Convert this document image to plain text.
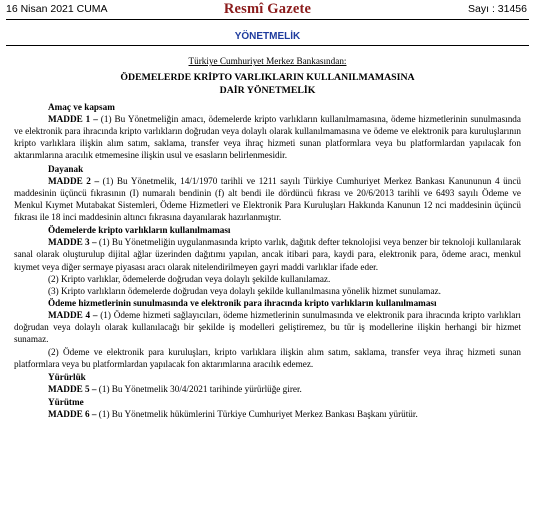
16 Nisan 2021 CUMA	Resmî Gazete	Sayı : 31456
YÖNETMELİK
Türkiye Cumhuriyet Merkez Bankasından:
ÖDEMELERDE KRİPTO VARLIKLARIN KULLANILMAMASINA
DAİR YÖNETMELİK
Amaç ve kapsam

MADDE 1 – (1) Bu Yönetmeliğin amacı, ödemelerde kripto varlıkların kullanılmamasına, ödeme hizmetlerinin sunulmasında ve elektronik para ihracında kripto varlıkların doğrudan veya dolaylı olarak kullanılmamasına ve ödeme ve elektronik para kuruluşlarının kripto varlıklara ilişkin alım satım, saklama, transfer veya ihraç hizmeti sunan platformlara veya bu platformlardan yapılacak fon aktarımlarına aracılık etmemesine ilişkin usul ve esasların belirlenmesidir.

Dayanak

MADDE 2 – (1) Bu Yönetmelik, 14/1/1970 tarihli ve 1211 sayılı Türkiye Cumhuriyet Merkez Bankası Kanununun 4 üncü maddesinin üçüncü fıkrasının (I) numaralı bendinin (f) alt bendi ile dördüncü fıkrası ve 20/6/2013 tarihli ve 6493 sayılı Ödeme ve Menkul Kıymet Mutabakat Sistemleri, Ödeme Hizmetleri ve Elektronik Para Kuruluşları Hakkında Kanunun 12 nci maddesinin üçüncü fıkrası ile 18 inci maddesinin altıncı fıkrasına dayanılarak hazırlanmıştır.

Ödemelerde kripto varlıkların kullanılmaması

MADDE 3 – (1) Bu Yönetmeliğin uygulanmasında kripto varlık, dağıtık defter teknolojisi veya benzer bir teknoloji kullanılarak sanal olarak oluşturulup dijital ağlar üzerinden dağıtımı yapılan, ancak itibari para, kaydi para, elektronik para, ödeme aracı, menkul kıymet veya diğer sermaye piyasası aracı olarak nitelendirilmeyen gayri maddi varlıklar ifade eder.

(2) Kripto varlıklar, ödemelerde doğrudan veya dolaylı şekilde kullanılamaz.

(3) Kripto varlıkların ödemelerde doğrudan veya dolaylı şekilde kullanılmasına yönelik hizmet sunulamaz.

Ödeme hizmetlerinin sunulmasında ve elektronik para ihracında kripto varlıkların kullanılmaması

MADDE 4 – (1) Ödeme hizmeti sağlayıcıları, ödeme hizmetlerinin sunulmasında ve elektronik para ihracında kripto varlıkları doğrudan veya dolaylı olarak kullanılacağı bir şekilde iş modelleri geliştiremez, bu tür iş modellerine ilişkin herhangi bir hizmet sunamaz.

(2) Ödeme ve elektronik para kuruluşları, kripto varlıklara ilişkin alım satım, saklama, transfer veya ihraç hizmeti sunan platformlara veya bu platformlardan yapılacak fon aktarımlarına aracılık edemez.

Yürürlük

MADDE 5 – (1) Bu Yönetmelik 30/4/2021 tarihinde yürürlüğe girer.

Yürütme

MADDE 6 – (1) Bu Yönetmelik hükümlerini Türkiye Cumhuriyet Merkez Bankası Başkanı yürütür.
